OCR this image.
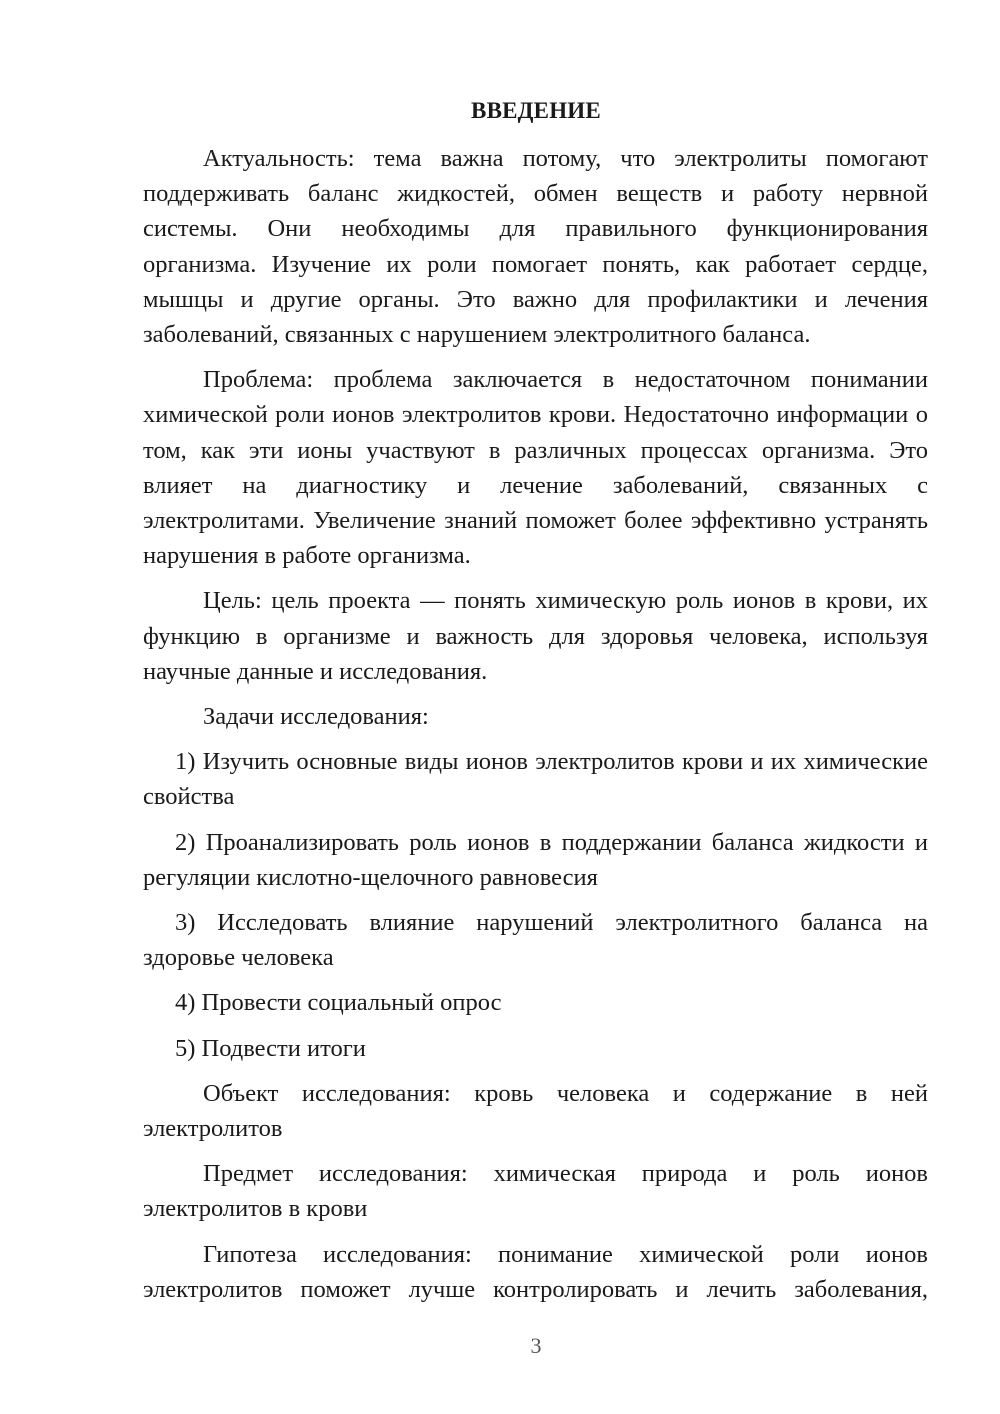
ВВЕДЕНИЕ

Актуальность: тема важна потому, что электролиты помогают поддерживать баланс жидкостей, обмен веществ и работу нервной системы. Они необходимы для правильного функционирования организма. Изучение их роли помогает понять, как работает сердце, мышцы и другие органы. Это важно для профилактики и лечения заболеваний, связанных с нарушением электролитного баланса.

Проблема: проблема заключается в недостаточном понимании химической роли ионов электролитов крови. Недостаточно информации о том, как эти ионы участвуют в различных процессах организма. Это влияет на диагностику и лечение заболеваний, связанных с электролитами. Увеличение знаний поможет более эффективно устранять нарушения в работе организма.

Цель: цель проекта — понять химическую роль ионов в крови, их функцию в организме и важность для здоровья человека, используя научные данные и исследования.

Задачи исследования:

1) Изучить основные виды ионов электролитов крови и их химические свойства

2) Проанализировать роль ионов в поддержании баланса жидкости и регуляции кислотно-щелочного равновесия

3) Исследовать влияние нарушений электролитного баланса на здоровье человека

4) Провести социальный опрос

5) Подвести итоги

Объект исследования: кровь человека и содержание в ней электролитов

Предмет исследования: химическая природа и роль ионов электролитов в крови

Гипотеза исследования: понимание химической роли ионов электролитов поможет лучше контролировать и лечить заболевания,

3
